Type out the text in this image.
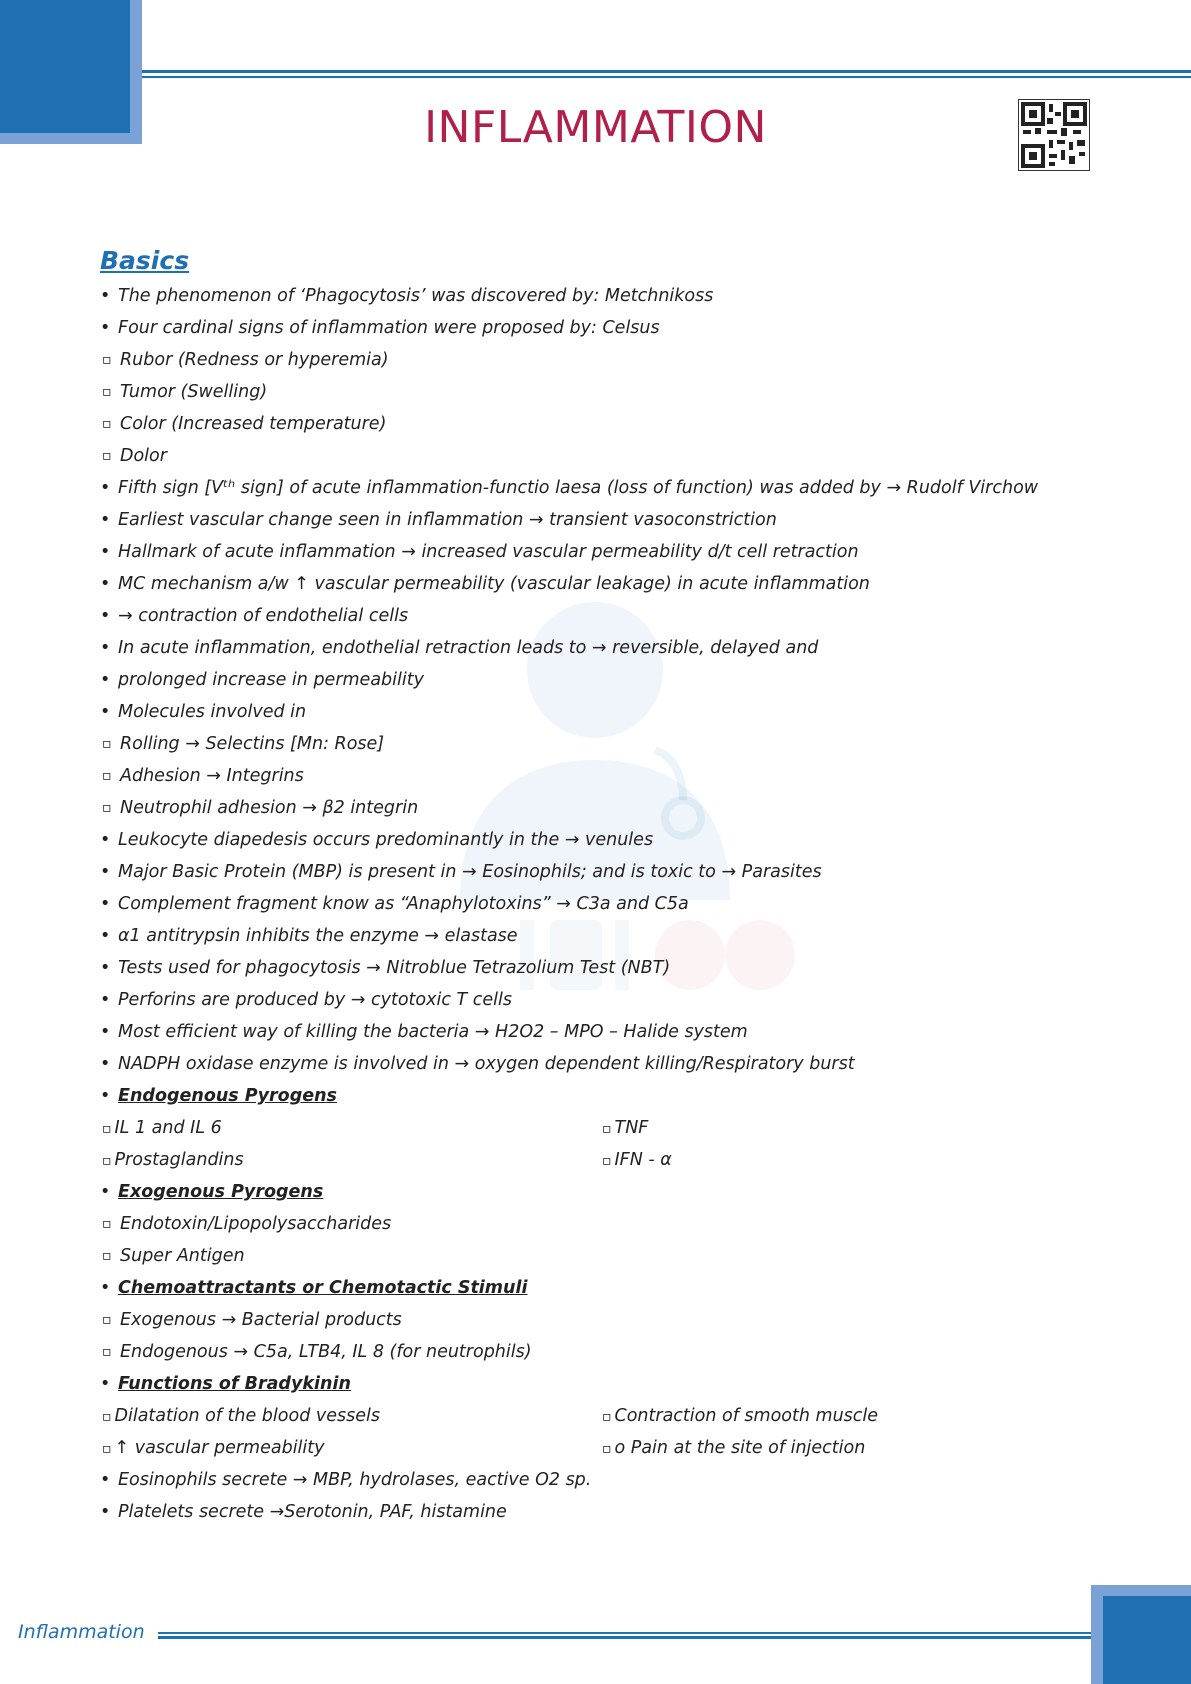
INFLAMMATION
Basics
• The phenomenon of ‘Phagocytosis’ was discovered by: Metchnikoss
• Four cardinal signs of inflammation were proposed by: Celsus
▫ Rubor (Redness or hyperemia)
▫ Tumor (Swelling)
▫ Color (Increased temperature)
▫ Dolor
• Fifth sign [Vᵗʰ sign] of acute inflammation-functio laesa (loss of function) was added by → Rudolf Virchow
• Earliest vascular change seen in inflammation → transient vasoconstriction
• Hallmark of acute inflammation → increased vascular permeability d/t cell retraction
• MC mechanism a/w ↑ vascular permeability (vascular leakage) in acute inflammation
• → contraction of endothelial cells
• In acute inflammation, endothelial retraction leads to → reversible, delayed and
• prolonged increase in permeability
• Molecules involved in
▫ Rolling → Selectins [Mn: Rose]
▫ Adhesion → Integrins
▫ Neutrophil adhesion → β2 integrin
• Leukocyte diapedesis occurs predominantly in the → venules
• Major Basic Protein (MBP) is present in → Eosinophils; and is toxic to → Parasites
• Complement fragment know as “Anaphylotoxins” → C3a and C5a
• α1 antitrypsin inhibits the enzyme → elastase
• Tests used for phagocytosis → Nitroblue Tetrazolium Test (NBT)
• Perforins are produced by → cytotoxic T cells
• Most efficient way of killing the bacteria → H2O2 – MPO – Halide system
• NADPH oxidase enzyme is involved in → oxygen dependent killing/Respiratory burst
• Endogenous Pyrogens
▫ IL 1 and IL 6	▫ TNF
▫ Prostaglandins	▫ IFN - α
• Exogenous Pyrogens
▫ Endotoxin/Lipopolysaccharides
▫ Super Antigen
• Chemoattractants or Chemotactic Stimuli
▫ Exogenous → Bacterial products
▫ Endogenous → C5a, LTB4, IL 8 (for neutrophils)
• Functions of Bradykinin
▫ Dilatation of the blood vessels	▫ Contraction of smooth muscle
▫ ↑ vascular permeability	▫ o Pain at the site of injection
• Eosinophils secrete → MBP, hydrolases, eactive O2 sp.
• Platelets secrete →Serotonin, PAF, histamine
Inflammation
